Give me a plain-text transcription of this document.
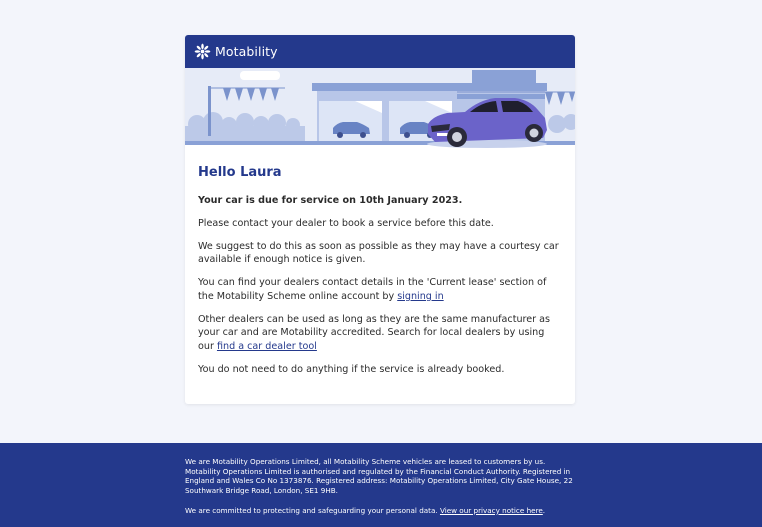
Motability
Hello Laura

Your car is due for service on 10th January 2023.

Please contact your dealer to book a service before this date.

We suggest to do this as soon as possible as they may have a courtesy car available if enough notice is given.

You can find your dealers contact details in the 'Current lease' section of the Motability Scheme online account by signing in

Other dealers can be used as long as they are the same manufacturer as your car and are Motability accredited. Search for local dealers by using our find a car dealer tool

You do not need to do anything if the service is already booked.

We are Motability Operations Limited, all Motability Scheme vehicles are leased to customers by us. Motability Operations Limited is authorised and regulated by the Financial Conduct Authority. Registered in England and Wales Co No 1373876. Registered address: Motability Operations Limited, City Gate House, 22 Southwark Bridge Road, London, SE1 9HB.

We are committed to protecting and safeguarding your personal data. View our privacy notice here.
